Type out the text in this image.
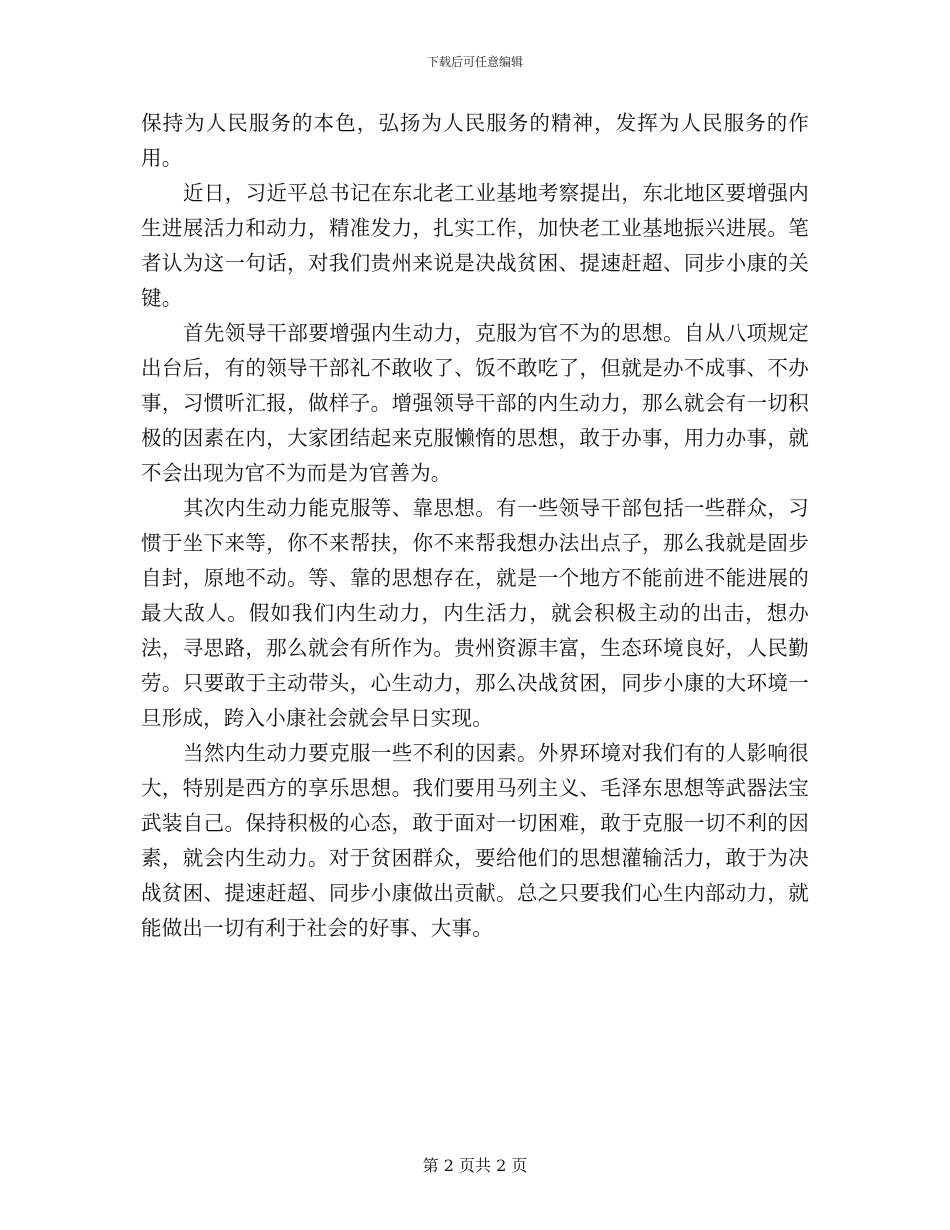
下载后可任意编辑

保持为人民服务的本色，弘扬为人民服务的精神，发挥为人民服务的作用。

近日，习近平总书记在东北老工业基地考察提出，东北地区要增强内生进展活力和动力，精准发力，扎实工作，加快老工业基地振兴进展。笔者认为这一句话，对我们贵州来说是决战贫困、提速赶超、同步小康的关键。

首先领导干部要增强内生动力，克服为官不为的思想。自从八项规定出台后，有的领导干部礼不敢收了、饭不敢吃了，但就是办不成事、不办事，习惯听汇报，做样子。增强领导干部的内生动力，那么就会有一切积极的因素在内，大家团结起来克服懒惰的思想，敢于办事，用力办事，就不会出现为官不为而是为官善为。

其次内生动力能克服等、靠思想。有一些领导干部包括一些群众，习惯于坐下来等，你不来帮扶，你不来帮我想办法出点子，那么我就是固步自封，原地不动。等、靠的思想存在，就是一个地方不能前进不能进展的最大敌人。假如我们内生动力，内生活力，就会积极主动的出击，想办法，寻思路，那么就会有所作为。贵州资源丰富，生态环境良好，人民勤劳。只要敢于主动带头，心生动力，那么决战贫困，同步小康的大环境一旦形成，跨入小康社会就会早日实现。

当然内生动力要克服一些不利的因素。外界环境对我们有的人影响很大，特别是西方的享乐思想。我们要用马列主义、毛泽东思想等武器法宝武装自己。保持积极的心态，敢于面对一切困难，敢于克服一切不利的因素，就会内生动力。对于贫困群众，要给他们的思想灌输活力，敢于为决战贫困、提速赶超、同步小康做出贡献。总之只要我们心生内部动力，就能做出一切有利于社会的好事、大事。

第 2 页共 2 页
